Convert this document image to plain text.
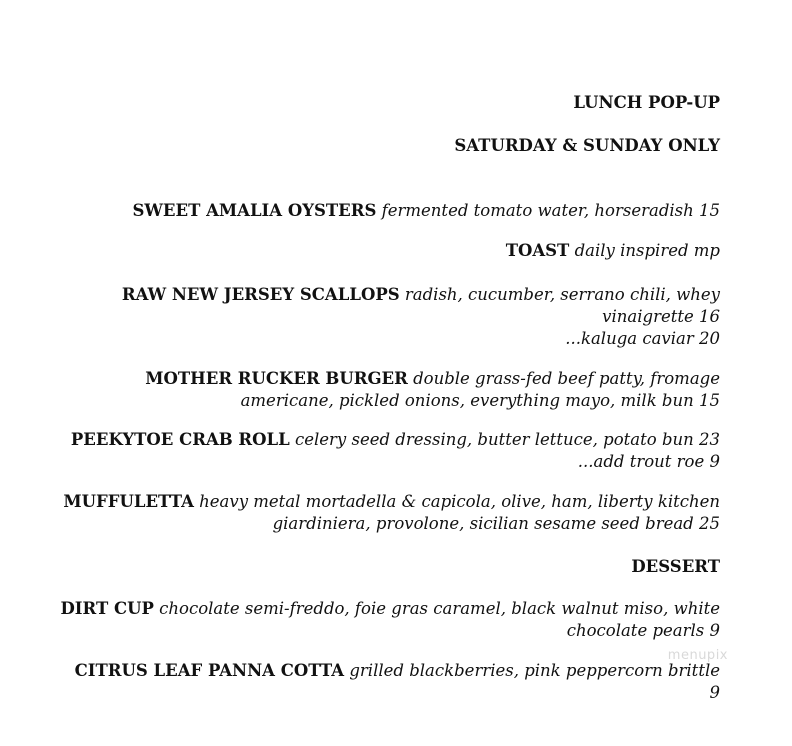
LUNCH POP-UP
SATURDAY & SUNDAY ONLY
SWEET AMALIA OYSTERS fermented tomato water, horseradish 15
TOAST daily inspired mp
RAW NEW JERSEY SCALLOPS radish, cucumber, serrano chili, whey
vinaigrette 16
...kaluga caviar 20
MOTHER RUCKER BURGER double grass-fed beef patty, fromage
americane, pickled onions, everything mayo, milk bun 15
PEEKYTOE CRAB ROLL celery seed dressing, butter lettuce, potato bun 23
...add trout roe 9
MUFFULETTA heavy metal mortadella & capicola, olive, ham, liberty kitchen
giardiniera, provolone, sicilian sesame seed bread 25
DESSERT
DIRT CUP chocolate semi-freddo, foie gras caramel, black walnut miso, white
chocolate pearls 9
CITRUS LEAF PANNA COTTA grilled blackberries, pink peppercorn brittle
9
menupix
